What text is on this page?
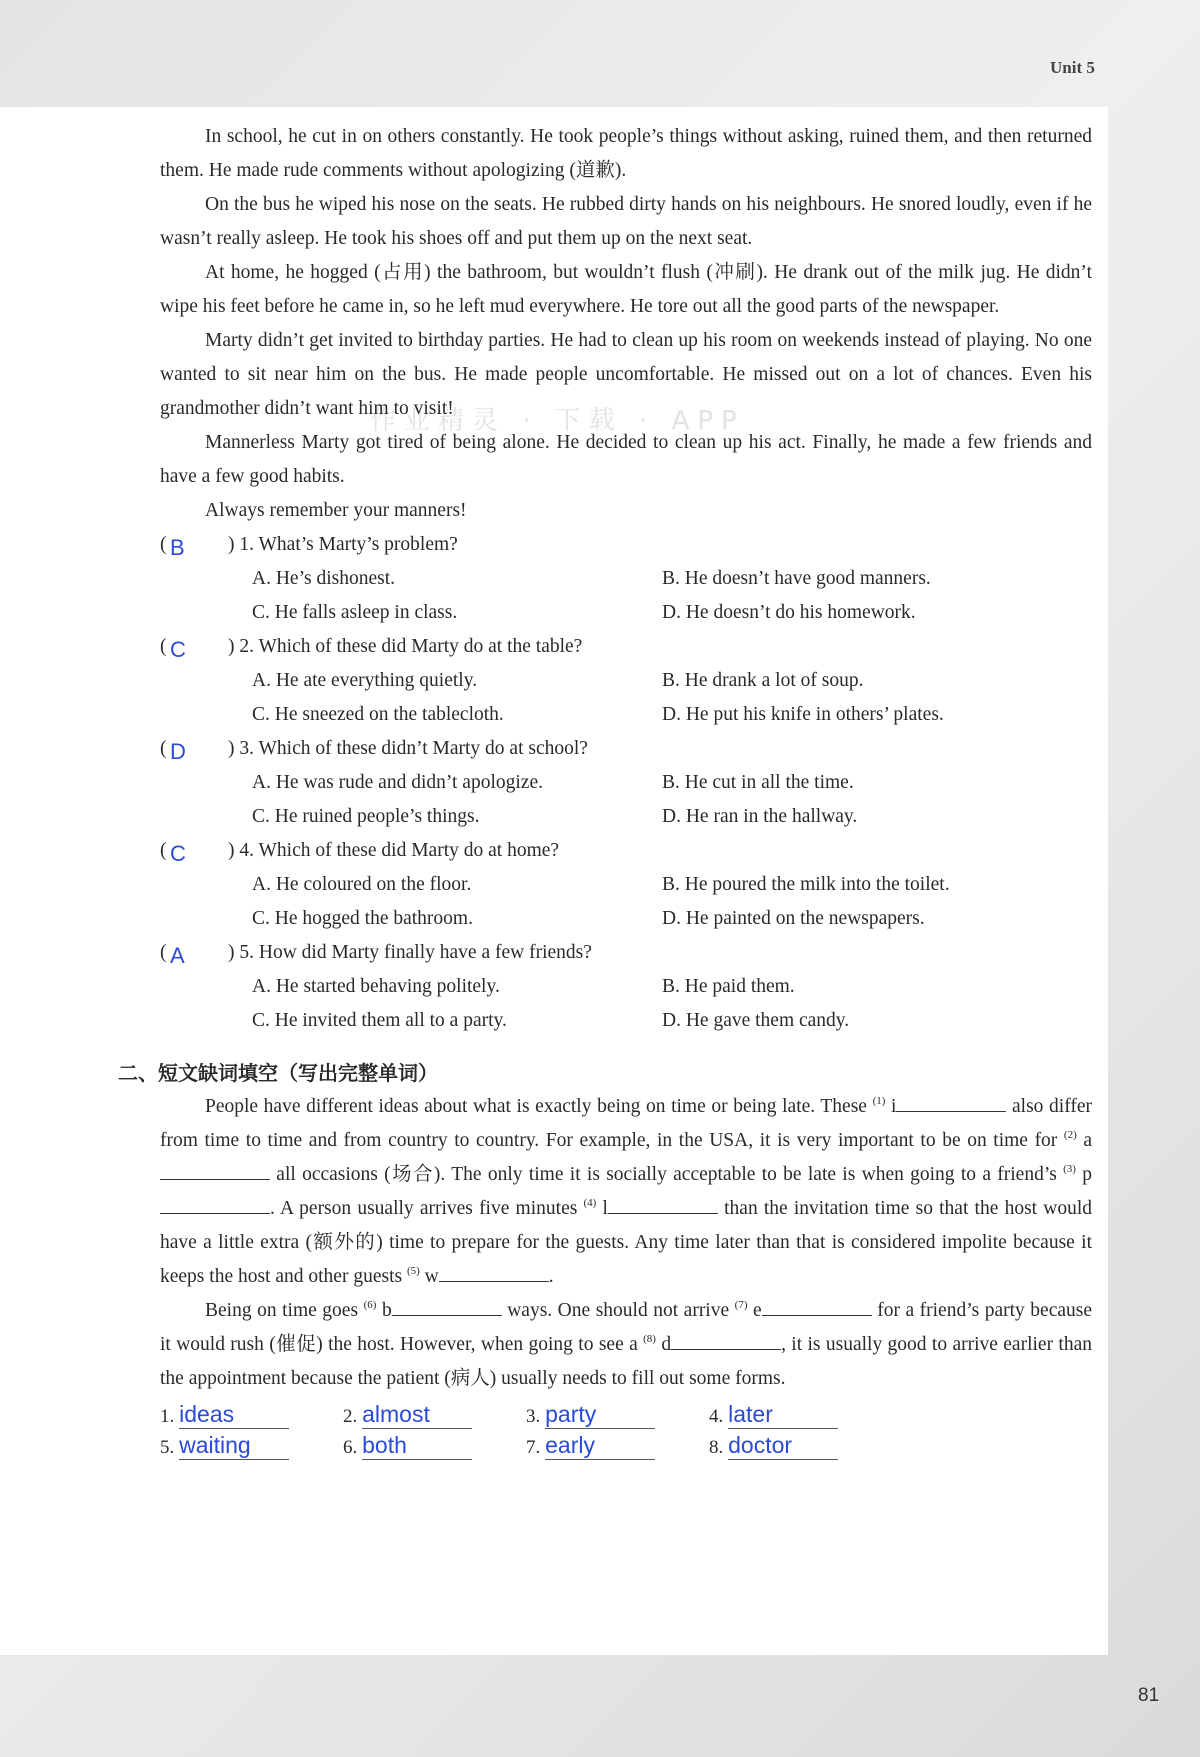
Unit 5
作业精灵 · 下载 · APP

In school, he cut in on others constantly. He took people’s things without asking, ruined them, and then returned them. He made rude comments without apologizing (道歉).

On the bus he wiped his nose on the seats. He rubbed dirty hands on his neighbours. He snored loudly, even if he wasn’t really asleep. He took his shoes off and put them up on the next seat.

At home, he hogged (占用) the bathroom, but wouldn’t flush (冲刷). He drank out of the milk jug. He didn’t wipe his feet before he came in, so he left mud everywhere. He tore out all the good parts of the newspaper.

Marty didn’t get invited to birthday parties. He had to clean up his room on weekends instead of playing. No one wanted to sit near him on the bus. He made people uncomfortable. He missed out on a lot of chances. Even his grandmother didn’t want him to visit!

Mannerless Marty got tired of being alone. He decided to clean up his act. Finally, he made a few friends and have a few good habits.

Always remember your manners!

( B ) 1. What’s Marty’s problem?
A. He’s dishonest.	B. He doesn’t have good manners.
C. He falls asleep in class.	D. He doesn’t do his homework.
( C ) 2. Which of these did Marty do at the table?
A. He ate everything quietly.	B. He drank a lot of soup.
C. He sneezed on the tablecloth.	D. He put his knife in others’ plates.
( D ) 3. Which of these didn’t Marty do at school?
A. He was rude and didn’t apologize.	B. He cut in all the time.
C. He ruined people’s things.	D. He ran in the hallway.
( C ) 4. Which of these did Marty do at home?
A. He coloured on the floor.	B. He poured the milk into the toilet.
C. He hogged the bathroom.	D. He painted on the newspapers.
( A ) 5. How did Marty finally have a few friends?
A. He started behaving politely.	B. He paid them.
C. He invited them all to a party.	D. He gave them candy.
二、短文缺词填空（写出完整单词）

People have different ideas about what is exactly being on time or being late. These $^{(1)}$ i	also differ from time to time and from country to country. For example, in the USA, it is very important to be on time for $^{(2)}$ a all occasions (场合). The only time it is socially acceptable to be late is when going to a friend’s $^{(3)}$ p. A person usually arrives five minutes $^{(4)}$ l	than the invitation time so that the host would have a little extra (额外的) time to prepare for the guests. Any time later than that is considered impolite because it keeps the host and other guests $^{(5)}$ w	.

Being on time goes $^{(6)}$ b	ways. One should not arrive $^{(7)}$ e	for a friend’s party because it would rush (催促) the host. However, when going to see a $^{(8)}$ d	, it is usually good to arrive earlier than the appointment because the patient (病人) usually needs to fill out some forms.

1. ideas	2. almost	3. party	4. later
5. waiting	6. both	7. early	8. doctor
81
